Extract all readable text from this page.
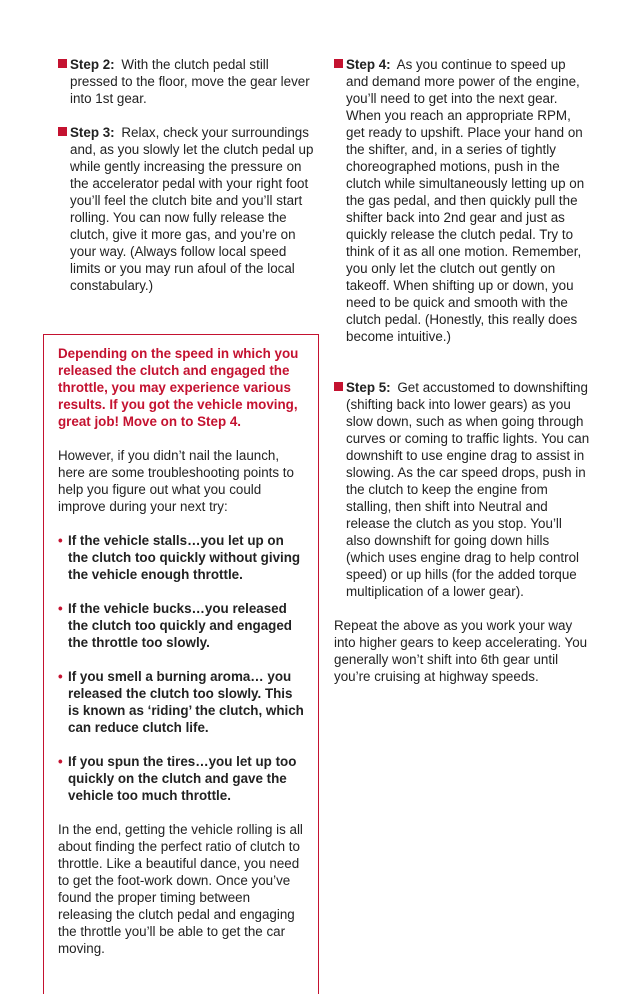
Step 2: With the clutch pedal still pressed to the floor, move the gear lever into 1st gear.
Step 3: Relax, check your surroundings and, as you slowly let the clutch pedal up while gently increasing the pressure on the accelerator pedal with your right foot you’ll feel the clutch bite and you’ll start rolling. You can now fully release the clutch, give it more gas, and you’re on your way. (Always follow local speed limits or you may run afoul of the local constabulary.)

Depending on the speed in which you released the clutch and engaged the throttle, you may experience various results. If you got the vehicle moving, great job! Move on to Step 4.

However, if you didn’t nail the launch, here are some troubleshooting points to help you figure out what you could improve during your next try:

• If the vehicle stalls…you let up on the clutch too quickly without giving the vehicle enough throttle.
• If the vehicle bucks…you released the clutch too quickly and engaged the throttle too slowly.
• If you smell a burning aroma… you released the clutch too slowly. This is known as ‘riding’ the clutch, which can reduce clutch life.
• If you spun the tires…you let up too quickly on the clutch and gave the vehicle too much throttle.

In the end, getting the vehicle rolling is all about finding the perfect ratio of clutch to throttle. Like a beautiful dance, you need to get the foot-work down. Once you’ve found the proper timing between releasing the clutch pedal and engaging the throttle you’ll be able to get the car moving.

Step 4: As you continue to speed up and demand more power of the engine, you’ll need to get into the next gear. When you reach an appropriate RPM, get ready to upshift. Place your hand on the shifter, and, in a series of tightly choreographed motions, push in the clutch while simultaneously letting up on the gas pedal, and then quickly pull the shifter back into 2nd gear and just as quickly release the clutch pedal. Try to think of it as all one motion. Remember, you only let the clutch out gently on takeoff. When shifting up or down, you need to be quick and smooth with the clutch pedal. (Honestly, this really does become intuitive.)
Step 5: Get accustomed to downshifting (shifting back into lower gears) as you slow down, such as when going through curves or coming to traffic lights. You can downshift to use engine drag to assist in slowing. As the car speed drops, push in the clutch to keep the engine from stalling, then shift into Neutral and release the clutch as you stop. You’ll also downshift for going down hills (which uses engine drag to help control speed) or up hills (for the added torque multiplication of a lower gear).

Repeat the above as you work your way into higher gears to keep accelerating. You generally won’t shift into 6th gear until you’re cruising at highway speeds.
